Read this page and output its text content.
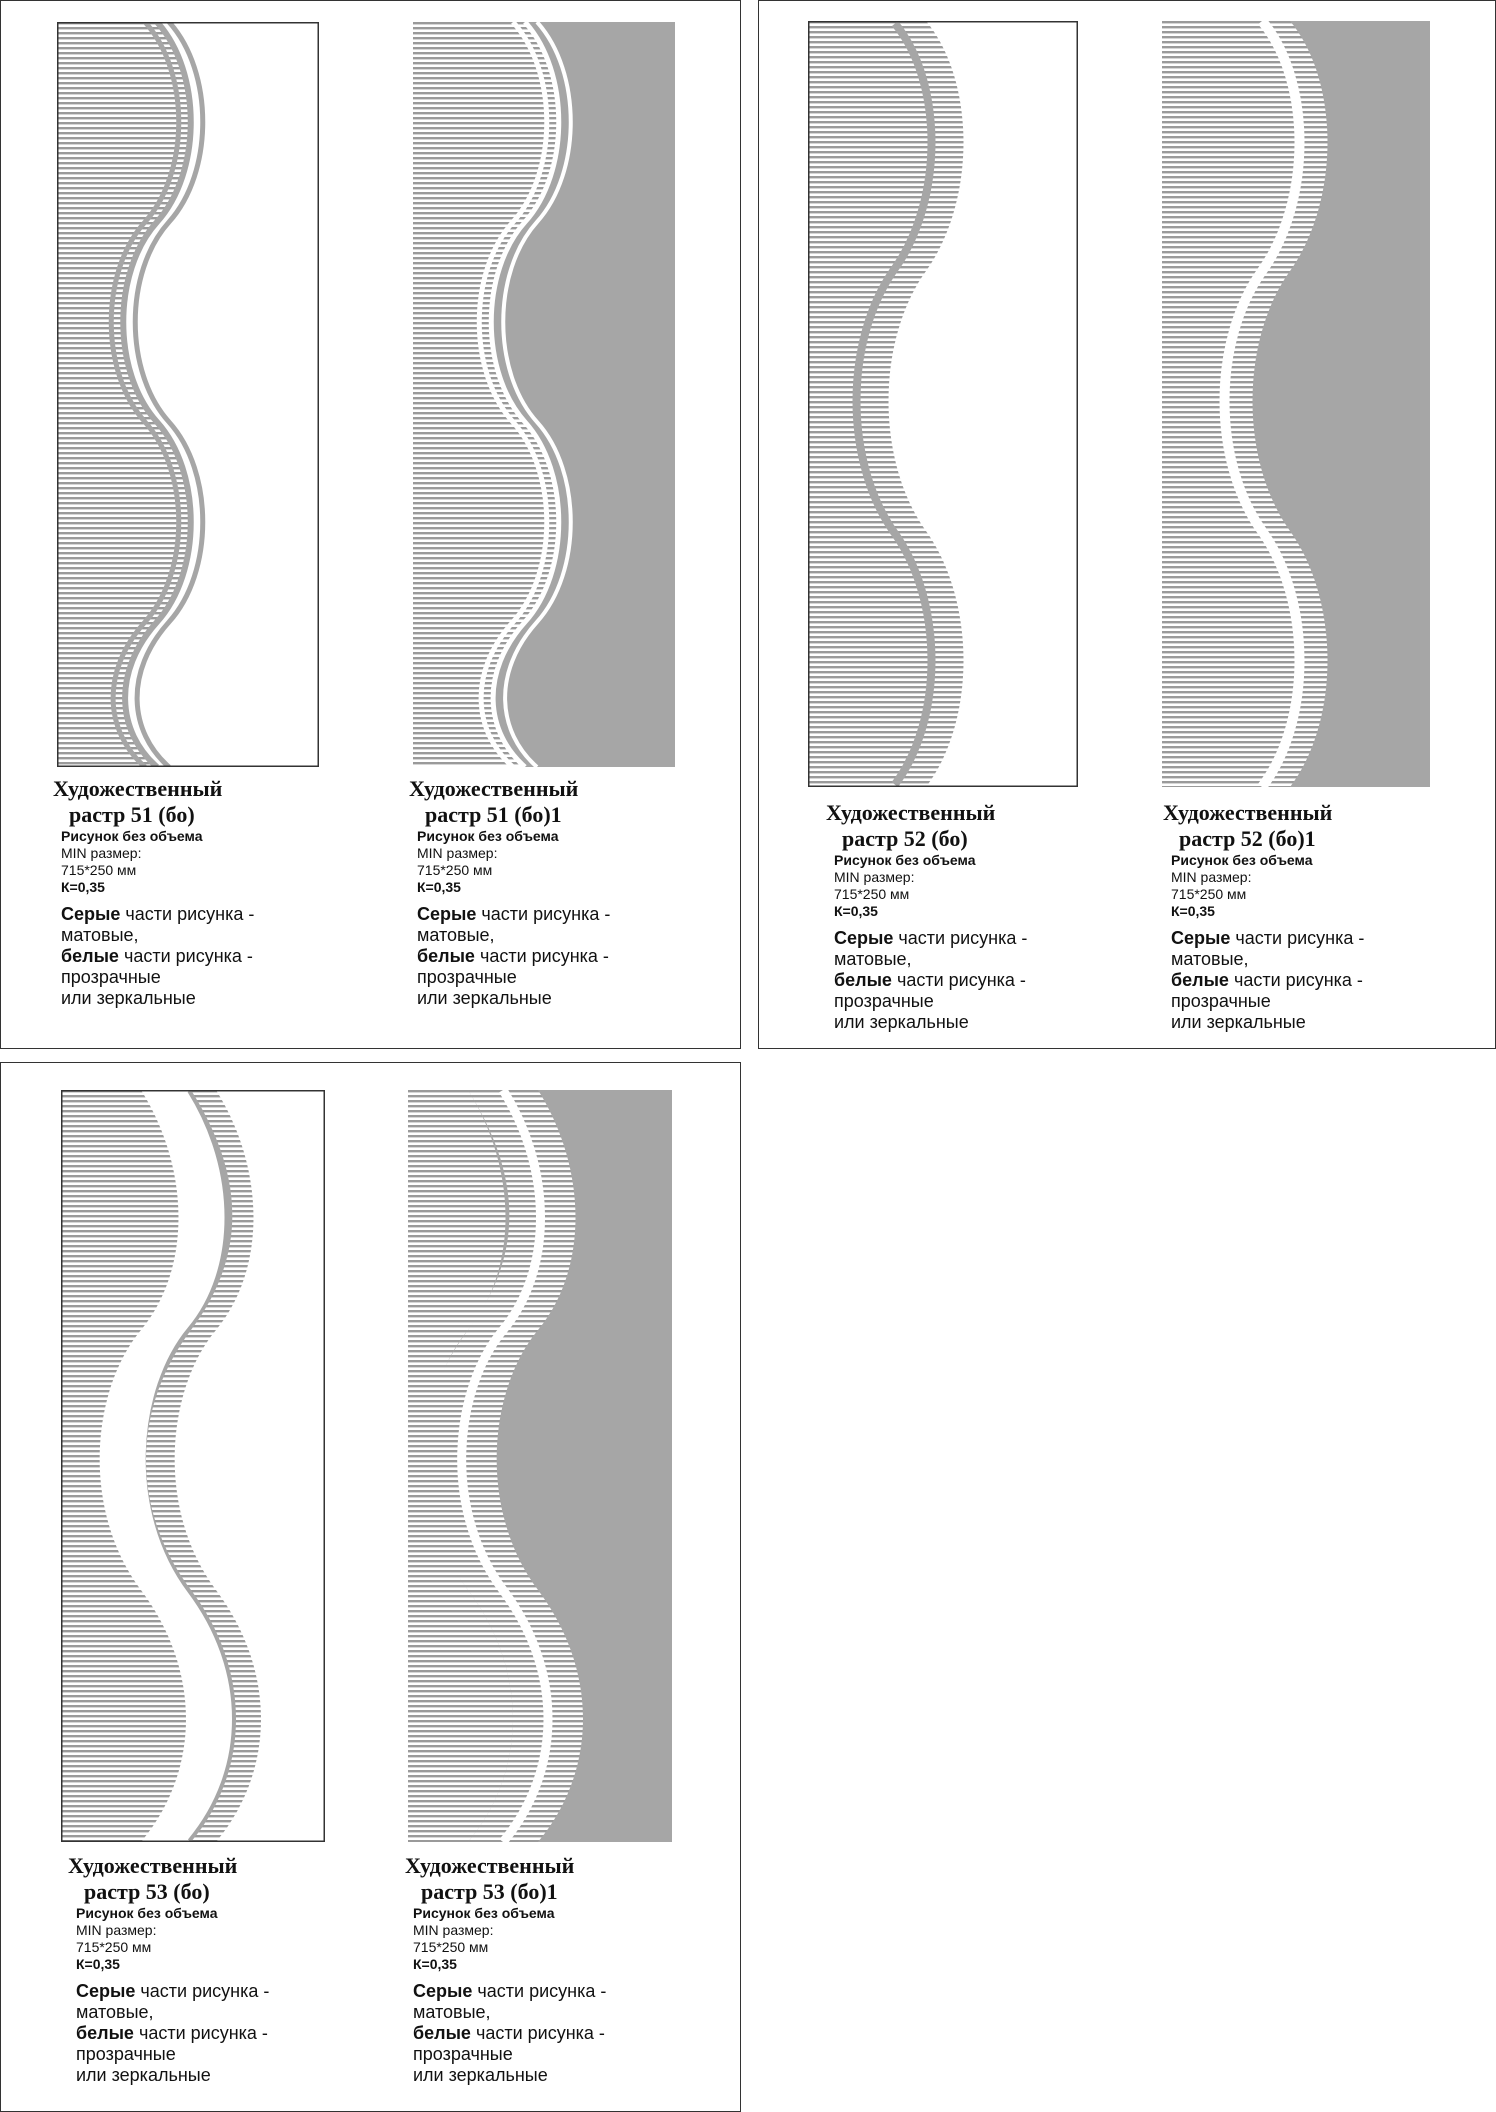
Художественный
растр 51 (бо)
Рисунок без объема
MIN размер:
715*250 мм
К=0,35
Серые части рисунка -
матовые,
белые части рисунка -
прозрачные
или зеркальные
Художественный
растр 51 (бо)1
Рисунок без объема
MIN размер:
715*250 мм
К=0,35
Серые части рисунка -
матовые,
белые части рисунка -
прозрачные
или зеркальные
Художественный
растр 52 (бо)
Рисунок без объема
MIN размер:
715*250 мм
К=0,35
Серые части рисунка -
матовые,
белые части рисунка -
прозрачные
или зеркальные
Художественный
растр 52 (бо)1
Рисунок без объема
MIN размер:
715*250 мм
К=0,35
Серые части рисунка -
матовые,
белые части рисунка -
прозрачные
или зеркальные
Художественный
растр 53 (бо)
Рисунок без объема
MIN размер:
715*250 мм
К=0,35
Серые части рисунка -
матовые,
белые части рисунка -
прозрачные
или зеркальные
Художественный
растр 53 (бо)1
Рисунок без объема
MIN размер:
715*250 мм
К=0,35
Серые части рисунка -
матовые,
белые части рисунка -
прозрачные
или зеркальные
